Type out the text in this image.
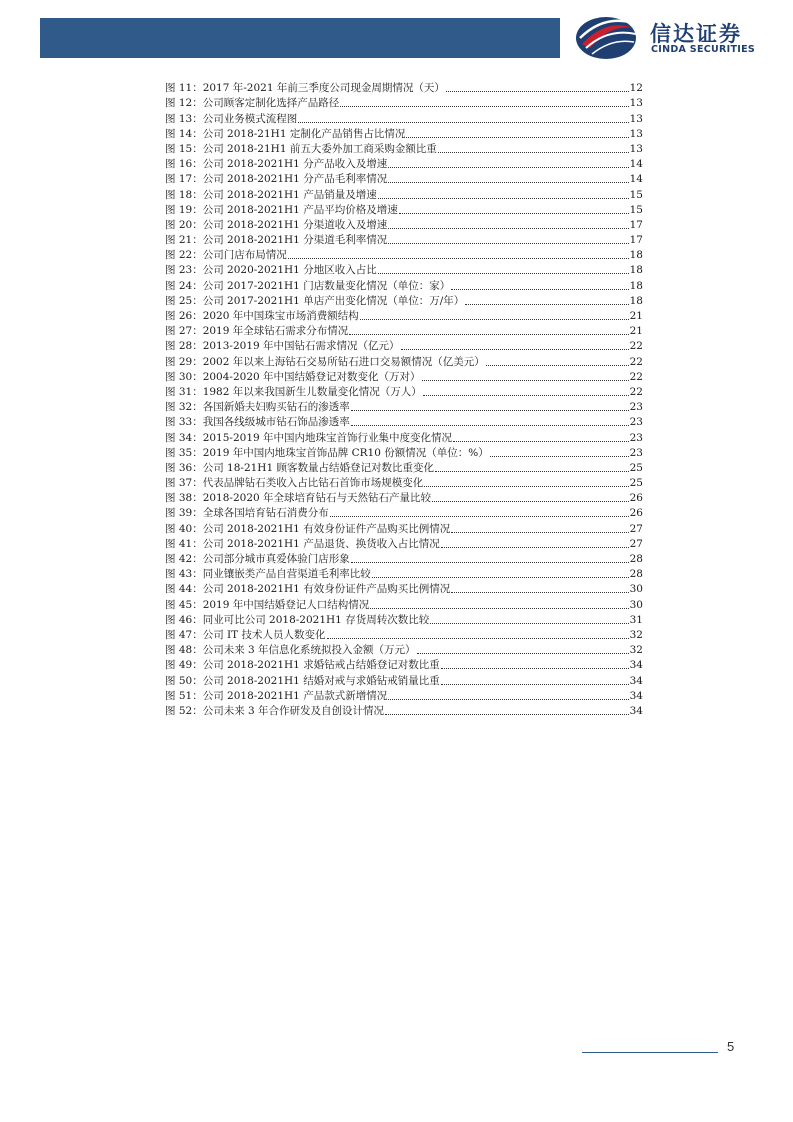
信达证券
CINDA SECURITIES
图 11：2017 年-2021 年前三季度公司现金周期情况（天）	12
图 12：公司顾客定制化选择产品路径	13
图 13：公司业务模式流程图	13
图 14：公司 2018-21H1 定制化产品销售占比情况	13
图 15：公司 2018-21H1 前五大委外加工商采购金额比重	13
图 16：公司 2018-2021H1 分产品收入及增速	14
图 17：公司 2018-2021H1 分产品毛利率情况	14
图 18：公司 2018-2021H1 产品销量及增速	15
图 19：公司 2018-2021H1 产品平均价格及增速	15
图 20：公司 2018-2021H1 分渠道收入及增速	17
图 21：公司 2018-2021H1 分渠道毛利率情况	17
图 22：公司门店布局情况	18
图 23：公司 2020-2021H1 分地区收入占比	18
图 24：公司 2017-2021H1 门店数量变化情况（单位：家）	18
图 25：公司 2017-2021H1 单店产出变化情况（单位：万/年）	18
图 26：2020 年中国珠宝市场消费额结构	21
图 27：2019 年全球钻石需求分布情况	21
图 28：2013-2019 年中国钻石需求情况（亿元）	22
图 29：2002 年以来上海钻石交易所钻石进口交易额情况（亿美元）	22
图 30：2004-2020 年中国结婚登记对数变化（万对）	22
图 31：1982 年以来我国新生儿数量变化情况（万人）	22
图 32：各国新婚夫妇购买钻石的渗透率	23
图 33：我国各线级城市钻石饰品渗透率	23
图 34：2015-2019 年中国内地珠宝首饰行业集中度变化情况	23
图 35：2019 年中国内地珠宝首饰品牌 CR10 份额情况（单位：%）	23
图 36：公司 18-21H1 顾客数量占结婚登记对数比重变化	25
图 37：代表品牌钻石类收入占比钻石首饰市场规模变化	25
图 38：2018-2020 年全球培育钻石与天然钻石产量比较	26
图 39：全球各国培育钻石消费分布	26
图 40：公司 2018-2021H1 有效身份证件产品购买比例情况	27
图 41：公司 2018-2021H1 产品退货、换货收入占比情况	27
图 42：公司部分城市真爱体验门店形象	28
图 43：同业镶嵌类产品自营渠道毛利率比较	28
图 44：公司 2018-2021H1 有效身份证件产品购买比例情况	30
图 45：2019 年中国结婚登记人口结构情况	30
图 46：同业可比公司 2018-2021H1 存货周转次数比较	31
图 47：公司 IT 技术人员人数变化	32
图 48：公司未来 3 年信息化系统拟投入金额（万元）	32
图 49：公司 2018-2021H1 求婚钻戒占结婚登记对数比重	34
图 50：公司 2018-2021H1 结婚对戒与求婚钻戒销量比重	34
图 51：公司 2018-2021H1 产品款式新增情况	34
图 52：公司未来 3 年合作研发及自创设计情况	34
5
